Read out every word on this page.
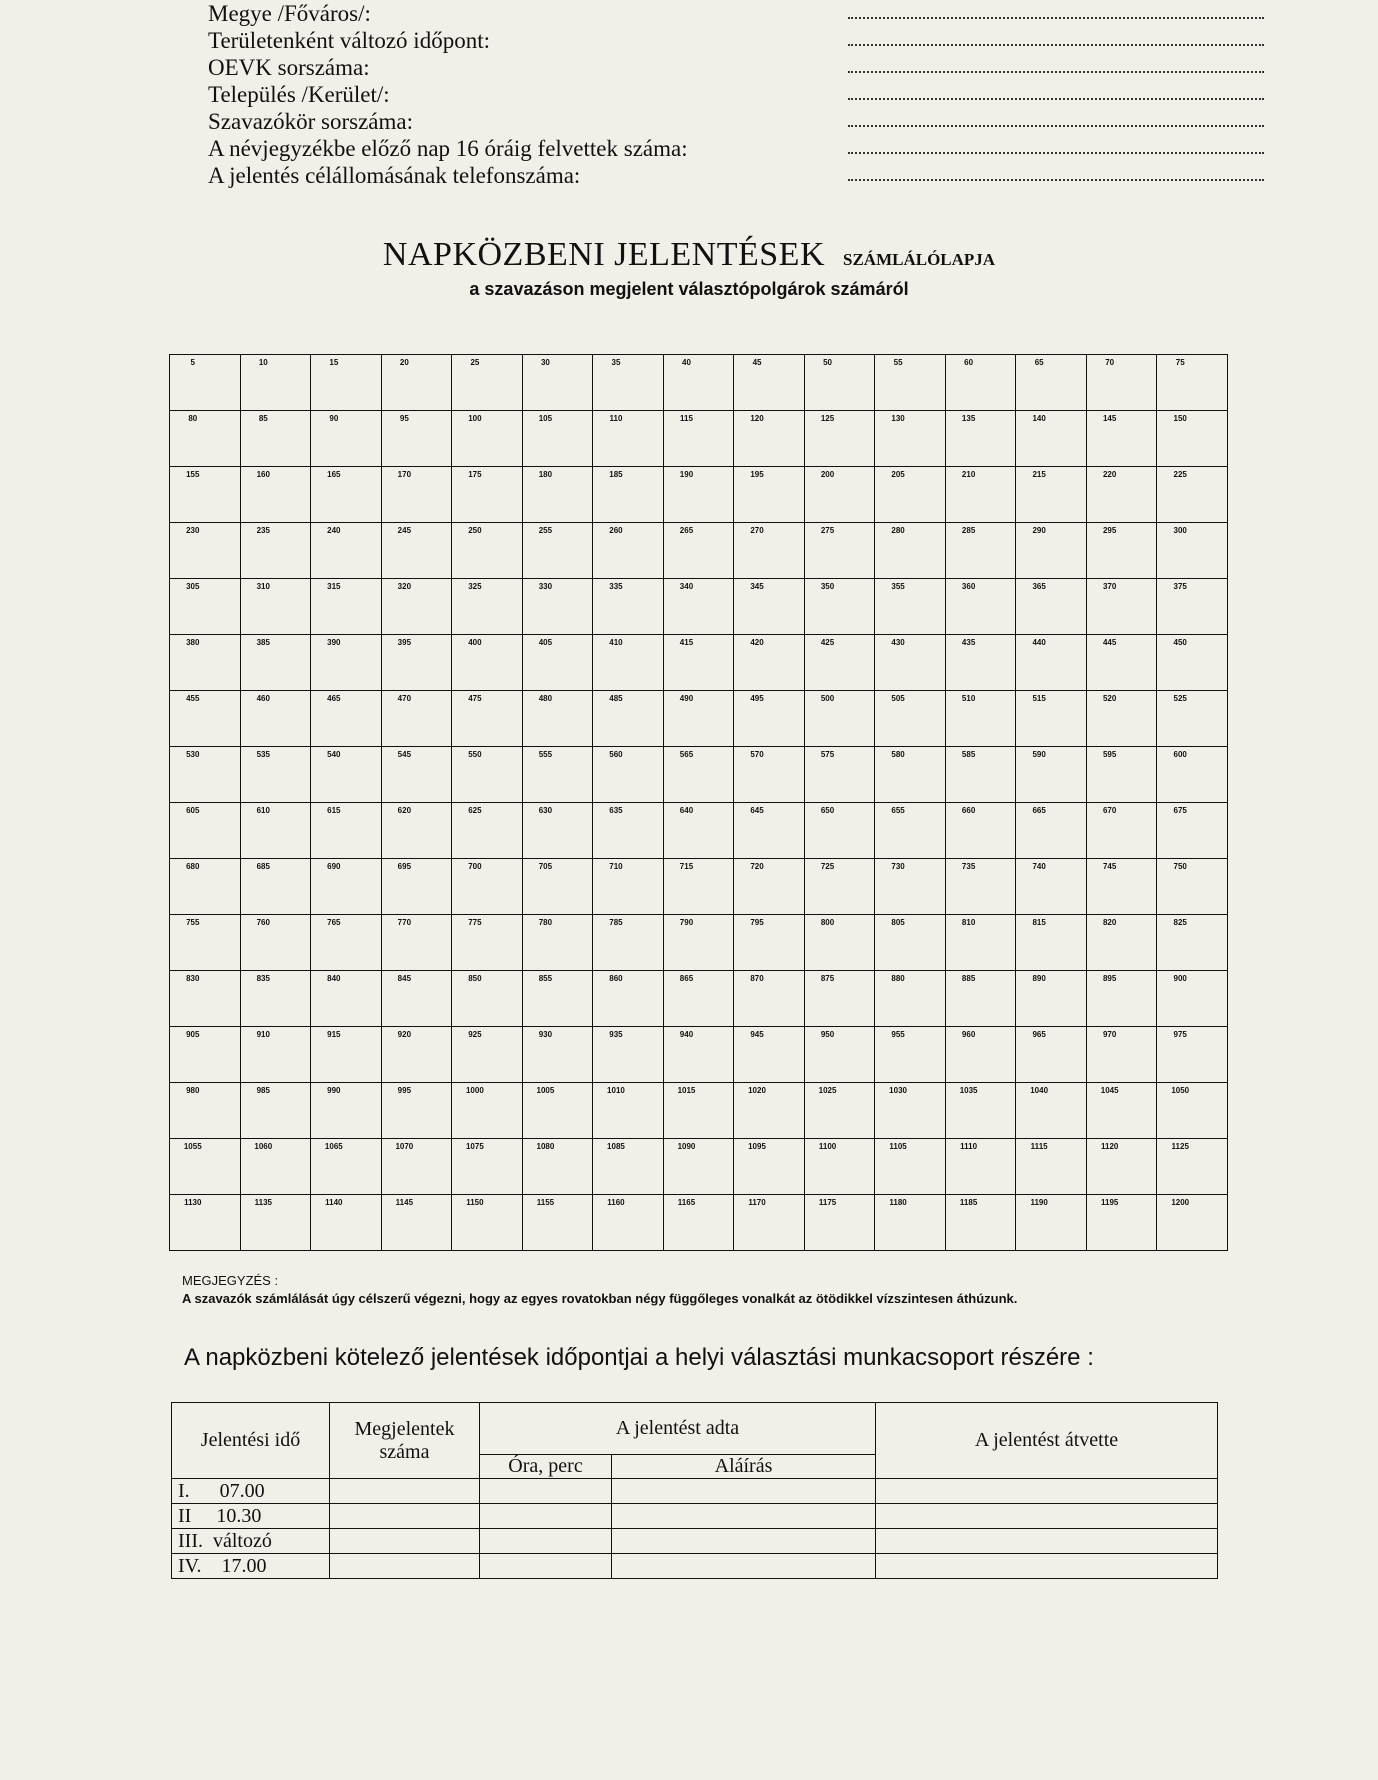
Megye /Főváros/:
Területenként változó időpont:
OEVK sorszáma:
Település /Kerület/:
Szavazókör sorszáma:
A névjegyzékbe előző nap 16 óráig felvettek száma:
A jelentés célállomásának telefonszáma:
NAPKÖZBENI JELENTÉSEK SZÁMLÁLÓLAPJA
a szavazáson megjelent választópolgárok számáról
5	10	15	20	25	30	35	40	45	50	55	60	65	70	75
80	85	90	95	100	105	110	115	120	125	130	135	140	145	150
155	160	165	170	175	180	185	190	195	200	205	210	215	220	225
230	235	240	245	250	255	260	265	270	275	280	285	290	295	300
305	310	315	320	325	330	335	340	345	350	355	360	365	370	375
380	385	390	395	400	405	410	415	420	425	430	435	440	445	450
455	460	465	470	475	480	485	490	495	500	505	510	515	520	525
530	535	540	545	550	555	560	565	570	575	580	585	590	595	600
605	610	615	620	625	630	635	640	645	650	655	660	665	670	675
680	685	690	695	700	705	710	715	720	725	730	735	740	745	750
755	760	765	770	775	780	785	790	795	800	805	810	815	820	825
830	835	840	845	850	855	860	865	870	875	880	885	890	895	900
905	910	915	920	925	930	935	940	945	950	955	960	965	970	975
980	985	990	995	1000	1005	1010	1015	1020	1025	1030	1035	1040	1045	1050
1055	1060	1065	1070	1075	1080	1085	1090	1095	1100	1105	1110	1115	1120	1125
1130	1135	1140	1145	1150	1155	1160	1165	1170	1175	1180	1185	1190	1195	1200
MEGJEGYZÉS :
A szavazók számlálását úgy célszerű végezni, hogy az egyes rovatokban négy függőleges vonalkát az ötödikkel vízszintesen áthúzunk.
A napközbeni kötelező jelentések időpontjai a helyi választási munkacsoport részére :
Jelentési idő	Megjelentek száma	A jelentést adta		A jelentést átvette
		Óra, perc	Aláírás	
I.      07.00				
II     10.30				
III.  változó				
IV.    17.00				
